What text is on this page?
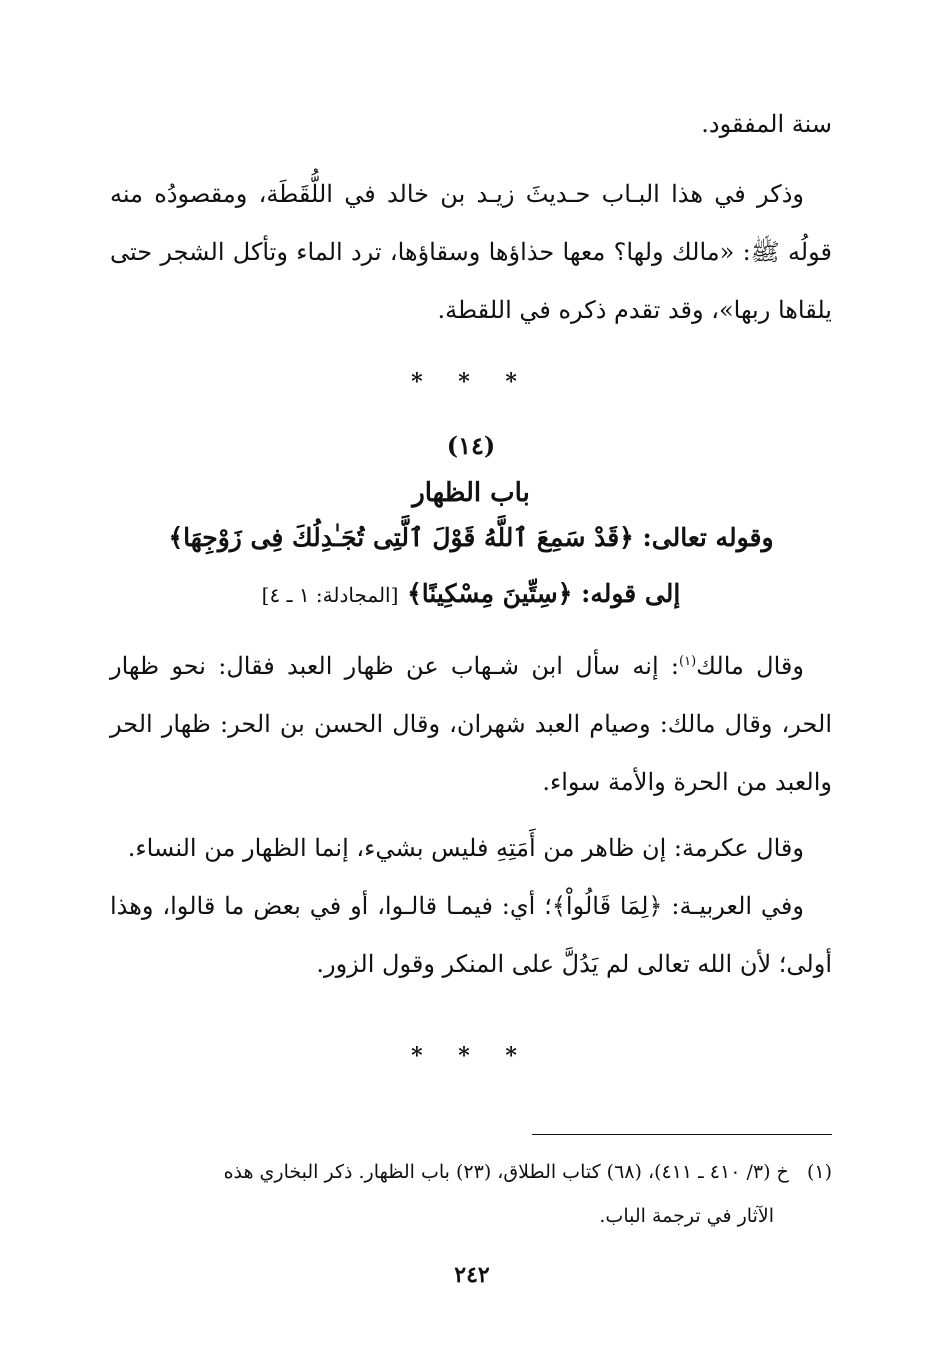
سنة المفقود.

وذكر في هذا البـاب حـديثَ زيـد بن خالد في اللُّقَطَة، ومقصودُه منه قولُه ﷺ: «مالك ولها؟ معها حذاؤها وسقاؤها، ترد الماء وتأكل الشجر حتى يلقاها ربها»، وقد تقدم ذكره في اللقطة.

* * *

(١٤)

باب الظهار

وقوله تعالى: ﴿قَدْ سَمِعَ ٱللَّهُ قَوْلَ ٱلَّتِى تُجَـٰدِلُكَ فِى زَوْجِهَا﴾

إلى قوله: ﴿سِتِّينَ مِسْكِينًا﴾ [المجادلة: ١ ـ ٤]

وقال مالك$^{(١)}$: إنه سأل ابن شـهاب عن ظهار العبد فقال: نحو ظهار الحر، وقال مالك: وصيام العبد شهران، وقال الحسن بن الحر: ظهار الحر والعبد من الحرة والأمة سواء.

وقال عكرمة: إن ظاهر من أَمَتِهِ فليس بشيء، إنما الظهار من النساء.

وفي العربيـة: ﴿لِمَا قَالُواْ﴾؛ أي: فيمـا قالـوا، أو في بعض ما قالوا، وهذا أولى؛ لأن الله تعالى لم يَدُلَّ على المنكر وقول الزور.

* * *

(١)   خ (٣/ ٤١٠ ـ ٤١١)، (٦٨) كتاب الطلاق، (٢٣) باب الظهار. ذكر البخاري هذه
الآثار في ترجمة الباب.
٢٤٢
